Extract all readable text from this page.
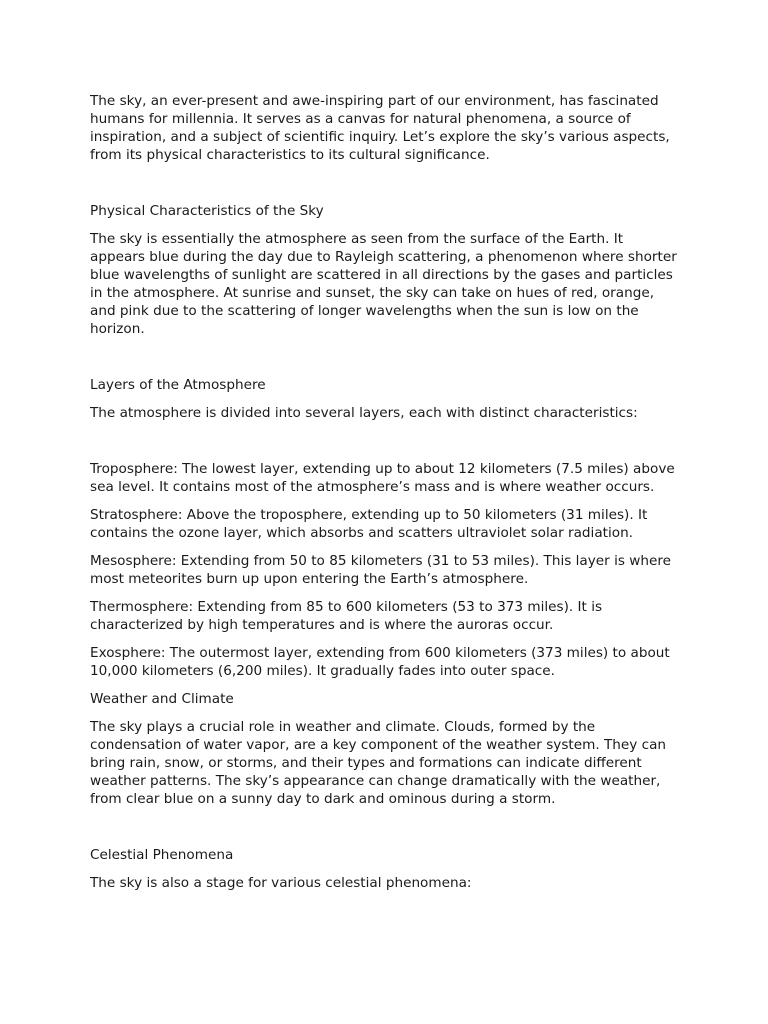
The sky, an ever-present and awe-inspiring part of our environment, has fascinated humans for millennia. It serves as a canvas for natural phenomena, a source of inspiration, and a subject of scientific inquiry. Let’s explore the sky’s various aspects, from its physical characteristics to its cultural significance.

Physical Characteristics of the Sky

The sky is essentially the atmosphere as seen from the surface of the Earth. It appears blue during the day due to Rayleigh scattering, a phenomenon where shorter blue wavelengths of sunlight are scattered in all directions by the gases and particles in the atmosphere. At sunrise and sunset, the sky can take on hues of red, orange, and pink due to the scattering of longer wavelengths when the sun is low on the horizon.

Layers of the Atmosphere

The atmosphere is divided into several layers, each with distinct characteristics:

Troposphere: The lowest layer, extending up to about 12 kilometers (7.5 miles) above sea level. It contains most of the atmosphere’s mass and is where weather occurs.

Stratosphere: Above the troposphere, extending up to 50 kilometers (31 miles). It contains the ozone layer, which absorbs and scatters ultraviolet solar radiation.

Mesosphere: Extending from 50 to 85 kilometers (31 to 53 miles). This layer is where most meteorites burn up upon entering the Earth’s atmosphere.

Thermosphere: Extending from 85 to 600 kilometers (53 to 373 miles). It is characterized by high temperatures and is where the auroras occur.

Exosphere: The outermost layer, extending from 600 kilometers (373 miles) to about 10,000 kilometers (6,200 miles). It gradually fades into outer space.

Weather and Climate

The sky plays a crucial role in weather and climate. Clouds, formed by the condensation of water vapor, are a key component of the weather system. They can bring rain, snow, or storms, and their types and formations can indicate different weather patterns. The sky’s appearance can change dramatically with the weather, from clear blue on a sunny day to dark and ominous during a storm.

Celestial Phenomena

The sky is also a stage for various celestial phenomena:
